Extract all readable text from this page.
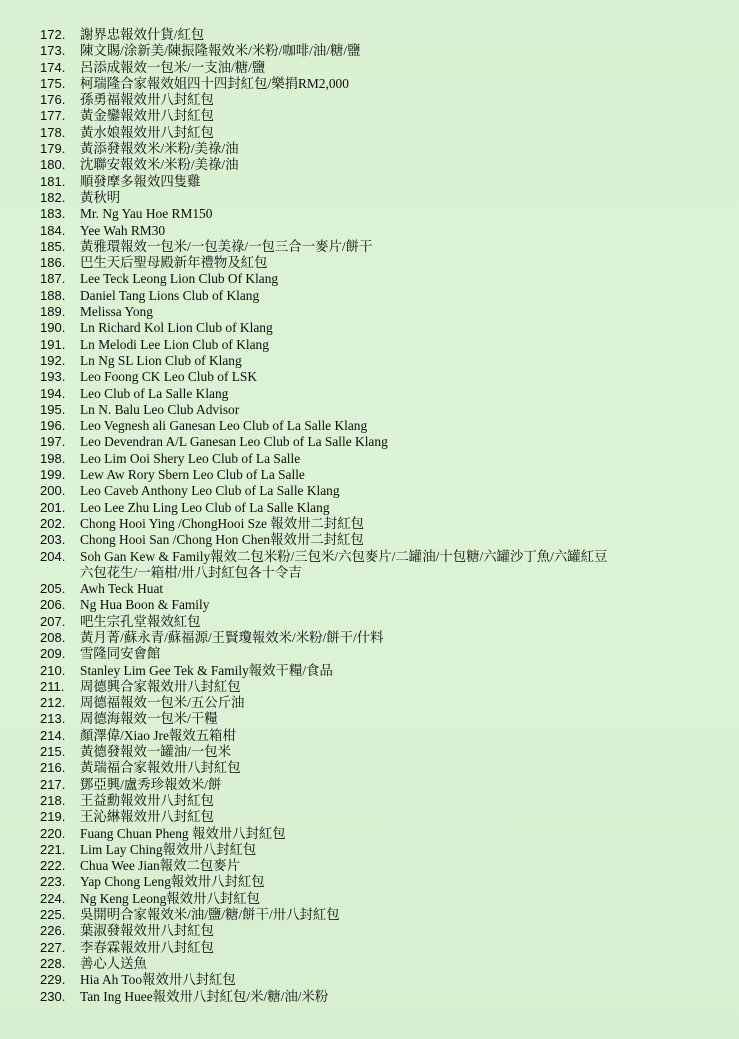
172.	謝界忠報效什貨/紅包
173.	陳文賜/涂新美/陳振隆報效米/米粉/咖啡/油/糖/鹽
174.	呂添成報效一包米/一支油/糖/鹽
175.	柯瑞隆合家報效姐四十四封紅包/樂捐RM2,000
176.	孫勇福報效卅八封紅包
177.	黃金鑾報效卅八封紅包
178.	黃水娘報效卅八封紅包
179.	黃添發報效米/米粉/美祿/油
180.	沈聯安報效米/米粉/美祿/油
181.	順發摩多報效四隻雞
182.	黃秋明
183.	Mr. Ng Yau Hoe RM150
184.	Yee Wah RM30
185.	黃雅環報效一包米/一包美祿/一包三合一麥片/餅干
186.	巴生天后聖母殿新年禮物及紅包
187.	Lee Teck Leong Lion Club Of Klang
188.	Daniel Tang Lions Club of Klang
189.	Melissa Yong
190.	Ln Richard Kol Lion Club of Klang
191.	Ln Melodi Lee Lion Club of Klang
192.	Ln Ng SL Lion Club of Klang
193.	Leo Foong CK Leo Club of LSK
194.	Leo Club of La Salle Klang
195.	Ln N. Balu Leo Club Advisor
196.	Leo Vegnesh ali Ganesan Leo Club of La Salle Klang
197.	Leo Devendran A/L Ganesan Leo Club of La Salle Klang
198.	Leo Lim Ooi Shery Leo Club of La Salle
199.	Lew Aw Rory Sbern Leo Club of La Salle
200.	Leo Caveb Anthony Leo Club of La Salle Klang
201.	Leo Lee Zhu Ling Leo Club of La Salle Klang
202.	Chong Hooi Ying /ChongHooi Sze 報效卅二封紅包
203.	Chong Hooi San /Chong Hon Chen報效卅二封紅包
204.	Soh Gan Kew & Family報效二包米粉/三包米/六包麥片/二罐油/十包糖/六罐沙丁魚/六罐紅豆
六包花生/一箱柑/卅八封紅包各十令吉
205.	Awh Teck Huat
206.	Ng Hua Boon & Family
207.	吧生宗孔堂報效紅包
208.	黃月菁/蘇永青/蘇福源/王賢瓊報效米/米粉/餅干/什料
209.	雪隆同安會館
210.	Stanley Lim Gee Tek & Family報效干糧/食品
211.	周德興合家報效卅八封紅包
212.	周德福報效一包米/五公斤油
213.	周德海報效一包米/干糧
214.	顏澤偉/Xiao Jre報效五箱柑
215.	黃德發報效一罐油/一包米
216.	黃瑞福合家報效卅八封紅包
217.	鄧亞興/盧秀珍報效米/餅
218.	王益勳報效卅八封紅包
219.	王沁綝報效卅八封紅包
220.	Fuang Chuan Pheng 報效卅八封紅包
221.	Lim Lay Ching報效卅八封紅包
222.	Chua Wee Jian報效二包麥片
223.	Yap Chong Leng報效卅八封紅包
224.	Ng Keng Leong報效卅八封紅包
225.	吳開明合家報效米/油/鹽/糖/餅干/卅八封紅包
226.	葉淑發報效卅八封紅包
227.	李春霖報效卅八封紅包
228.	善心人送魚
229.	Hia Ah Too報效卅八封紅包
230.	Tan Ing Huee報效卅八封紅包/米/糖/油/米粉
